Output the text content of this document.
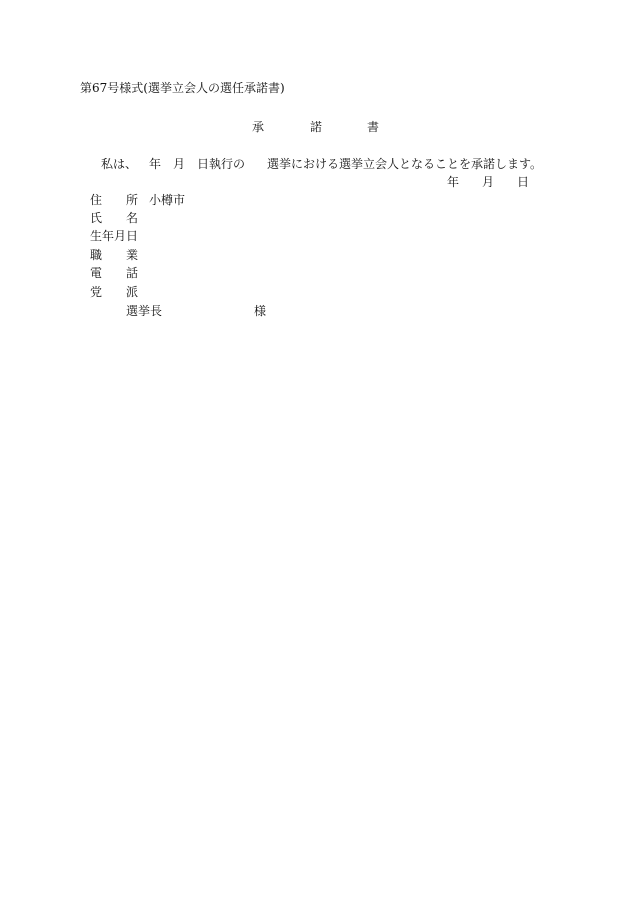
第67号様式(選挙立会人の選任承諾書)
承	諾	書
私は、 年 月 日執行の 選挙における選挙立会人となることを承諾します。
年 月 日
住 所 小樽市
氏 名
生年月日
職 業
電 話
党 派
選挙長	様
